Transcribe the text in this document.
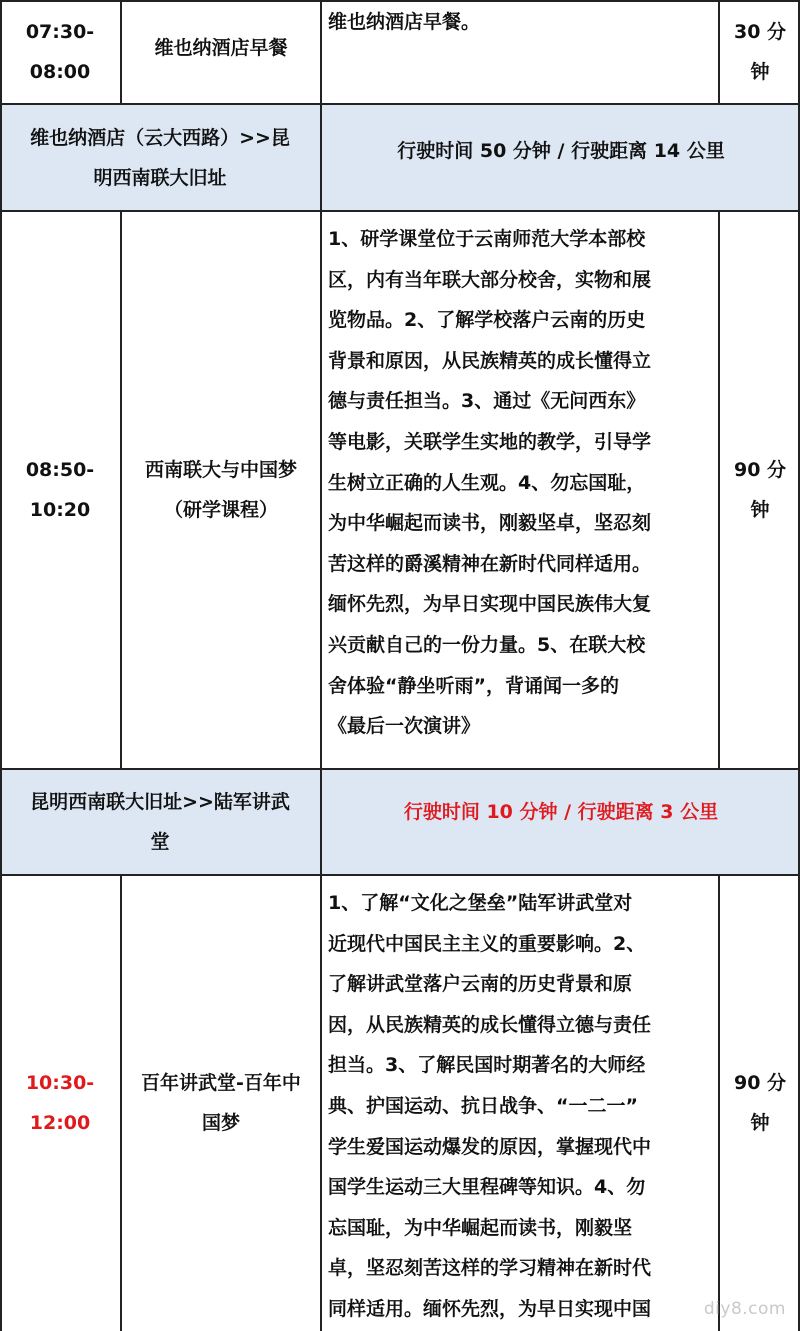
07:30-
08:00
维也纳酒店早餐
维也纳酒店早餐。	30 分
钟
维也纳酒店（云大西路）>>昆
明西南联大旧址
行驶时间 50 分钟 / 行驶距离 14 公里
08:50-
10:20
西南联大与中国梦
（研学课程）
1、研学课堂位于云南师范大学本部校
区，内有当年联大部分校舍，实物和展
览物品。2、了解学校落户云南的历史
背景和原因，从民族精英的成长懂得立
德与责任担当。3、通过《无问西东》
等电影，关联学生实地的教学，引导学
生树立正确的人生观。4、勿忘国耻，
为中华崛起而读书，刚毅坚卓，坚忍刻
苦这样的爵溪精神在新时代同样适用。
缅怀先烈，为早日实现中国民族伟大复
兴贡献自己的一份力量。5、在联大校
舍体验“静坐听雨”，背诵闻一多的
《最后一次演讲》
90 分
钟
昆明西南联大旧址>>陆军讲武
堂
行驶时间 10 分钟 / 行驶距离 3 公里
10:30-
12:00
百年讲武堂-百年中
国梦
1、了解“文化之堡垒”陆军讲武堂对
近现代中国民主主义的重要影响。2、
了解讲武堂落户云南的历史背景和原
因，从民族精英的成长懂得立德与责任
担当。3、了解民国时期著名的大师经
典、护国运动、抗日战争、“一二一”
学生爱国运动爆发的原因，掌握现代中
国学生运动三大里程碑等知识。4、勿
忘国耻，为中华崛起而读书，刚毅坚
卓，坚忍刻苦这样的学习精神在新时代
同样适用。缅怀先烈，为早日实现中国
90 分
钟
diy8.com
